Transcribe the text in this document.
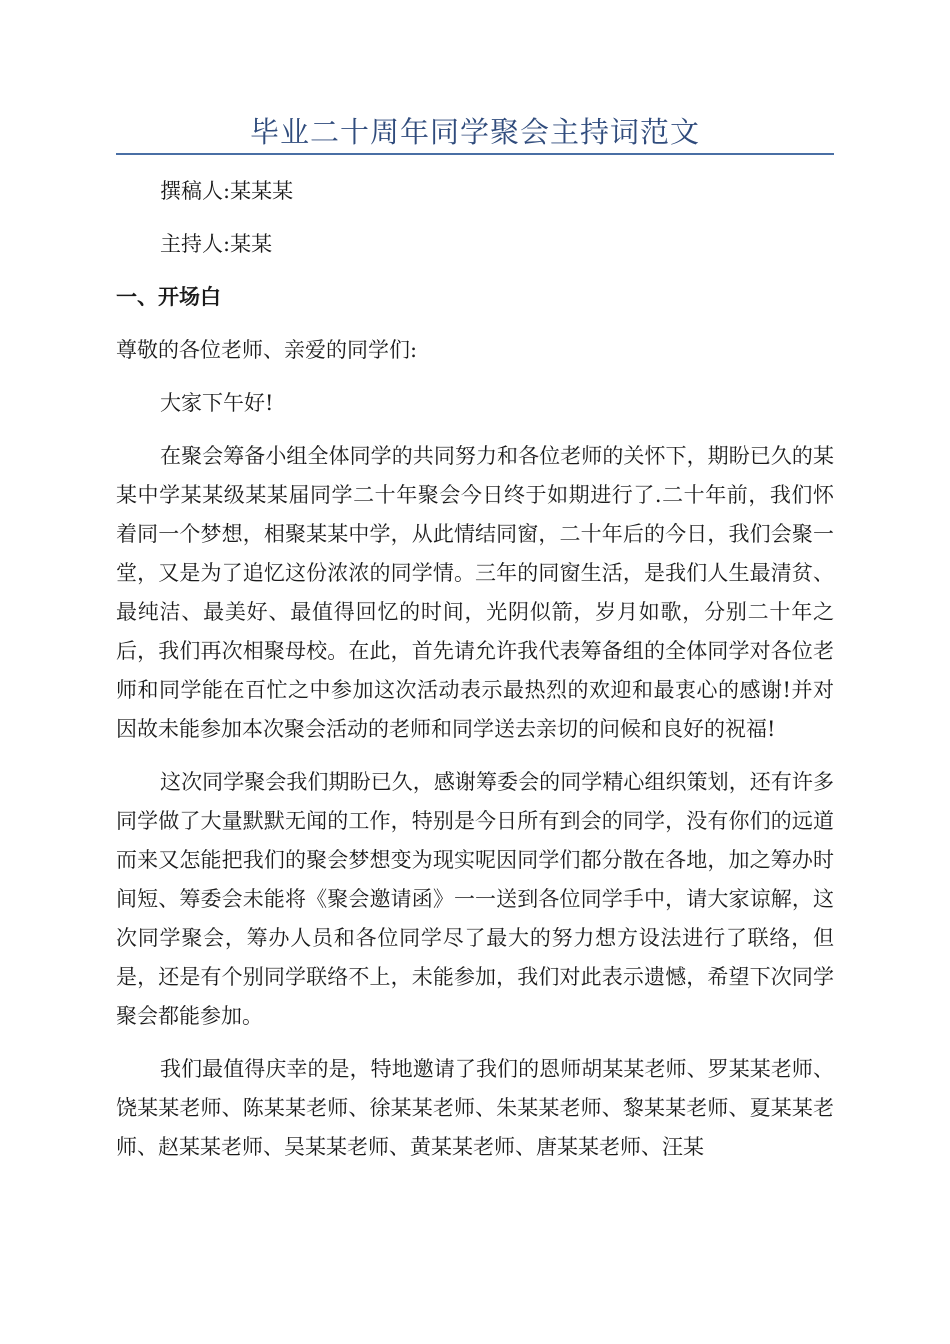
毕业二十周年同学聚会主持词范文

撰稿人:某某某

主持人:某某

一、开场白

尊敬的各位老师、亲爱的同学们:

大家下午好!

在聚会筹备小组全体同学的共同努力和各位老师的关怀下，期盼已久的某某中学某某级某某届同学二十年聚会今日终于如期进行了.二十年前，我们怀着同一个梦想，相聚某某中学，从此情结同窗，二十年后的今日，我们会聚一堂，又是为了追忆这份浓浓的同学情。三年的同窗生活，是我们人生最清贫、最纯洁、最美好、最值得回忆的时间，光阴似箭，岁月如歌，分别二十年之后，我们再次相聚母校。在此，首先请允许我代表筹备组的全体同学对各位老师和同学能在百忙之中参加这次活动表示最热烈的欢迎和最衷心的感谢!并对因故未能参加本次聚会活动的老师和同学送去亲切的问候和良好的祝福!

这次同学聚会我们期盼已久，感谢筹委会的同学精心组织策划，还有许多同学做了大量默默无闻的工作，特别是今日所有到会的同学，没有你们的远道而来又怎能把我们的聚会梦想变为现实呢因同学们都分散在各地，加之筹办时间短、筹委会未能将《聚会邀请函》一一送到各位同学手中，请大家谅解，这次同学聚会，筹办人员和各位同学尽了最大的努力想方设法进行了联络，但是，还是有个别同学联络不上，未能参加，我们对此表示遗憾，希望下次同学聚会都能参加。

我们最值得庆幸的是，特地邀请了我们的恩师胡某某老师、罗某某老师、饶某某老师、陈某某老师、徐某某老师、朱某某老师、黎某某老师、夏某某老师、赵某某老师、吴某某老师、黄某某老师、唐某某老师、汪某
